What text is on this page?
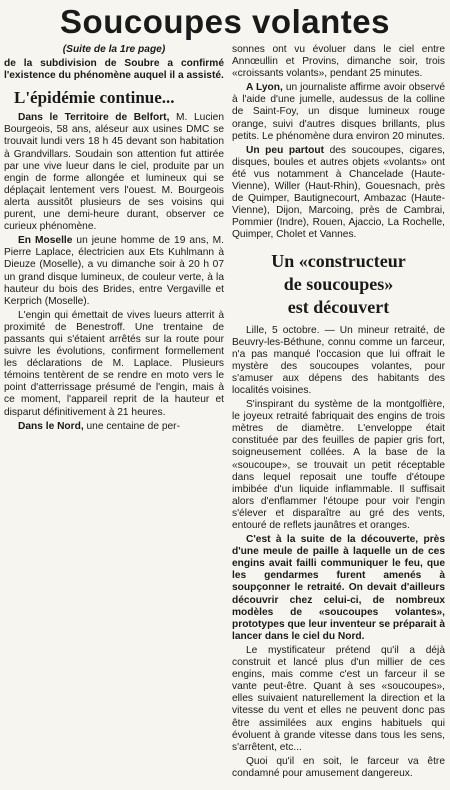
Soucoupes volantes

(Suite de la 1re page)

de la subdivision de Soubre a confirmé l'existence du phénomène auquel il a assisté.

L'épidémie continue...

Dans le Territoire de Belfort, M. Lucien Bourgeois, 58 ans, aléseur aux usines DMC se trouvait lundi vers 18 h 45 devant son habitation à Grandvillars. Soudain son attention fut attirée par une vive lueur dans le ciel, produite par un engin de forme allongée et lumineux qui se déplaçait lentement vers l'ouest. M. Bourgeois alerta aussitôt plusieurs de ses voisins qui purent, une demi-heure durant, observer ce curieux phénomène.

En Moselle un jeune homme de 19 ans, M. Pierre Laplace, électricien aux Ets Kuhlmann à Dieuze (Moselle), a vu dimanche soir à 20 h 07 un grand disque lumineux, de couleur verte, à la hauteur du bois des Brides, entre Vergaville et Kerprich (Moselle).

L'engin qui émettait de vives lueurs atterrit à proximité de Benestroff. Une trentaine de passants qui s'étaient arrêtés sur la route pour suivre les évolutions, confirment formellement les déclarations de M. Laplace. Plusieurs témoins tentèrent de se rendre en moto vers le point d'atterrissage présumé de l'engin, mais à ce moment, l'appareil reprit de la hauteur et disparut définitivement à 21 heures.

Dans le Nord, une centaine de per-

sonnes ont vu évoluer dans le ciel entre Annœullin et Provins, dimanche soir, trois «croissants volants», pendant 25 minutes.

A Lyon, un journaliste affirme avoir observé à l'aide d'une jumelle, audessus de la colline de Saint-Foy, un disque lumineux rouge orange, suivi d'autres disques brillants, plus petits. Le phénomène dura environ 20 minutes.

Un peu partout des soucoupes, cigares, disques, boules et autres objets «volants» ont été vus notamment à Chancelade (Haute-Vienne), Willer (Haut-Rhin), Gouesnach, près de Quimper, Bautignecourt, Ambazac (Haute-Vienne), Dijon, Marcoing, près de Cambrai, Pommier (Indre), Rouen, Ajaccio, La Rochelle, Quimper, Cholet et Vannes.

Un «constructeur
de soucoupes»
est découvert

Lille, 5 octobre. — Un mineur retraité, de Beuvry-les-Béthune, connu comme un farceur, n'a pas manqué l'occasion que lui offrait le mystère des soucoupes volantes, pour s'amuser aux dépens des habitants des localités voisines.

S'inspirant du système de la montgolfière, le joyeux retraité fabriquait des engins de trois mètres de diamètre. L'enveloppe était constituée par des feuilles de papier gris fort, soigneusement collées. A la base de la «soucoupe», se trouvait un petit réceptable dans lequel reposait une touffe d'étoupe imbibée d'un liquide inflammable. Il suffisait alors d'enflammer l'étoupe pour voir l'engin s'élever et disparaître au gré des vents, entouré de reflets jaunâtres et oranges.

C'est à la suite de la découverte, près d'une meule de paille à laquelle un de ces engins avait failli communiquer le feu, que les gendarmes furent amenés à soupçonner le retraité. On devait d'ailleurs découvrir chez celui-ci, de nombreux modèles de «soucoupes volantes», prototypes que leur inventeur se préparait à lancer dans le ciel du Nord.

Le mystificateur prétend qu'il a déjà construit et lancé plus d'un millier de ces engins, mais comme c'est un farceur il se vante peut-être. Quant à ses «soucoupes», elles suivaient naturellement la direction et la vitesse du vent et elles ne peuvent donc pas être assimilées aux engins habituels qui évoluent à grande vitesse dans tous les sens, s'arrêtent, etc...

Quoi qu'il en soit, le farceur va être condamné pour amusement dangereux.
